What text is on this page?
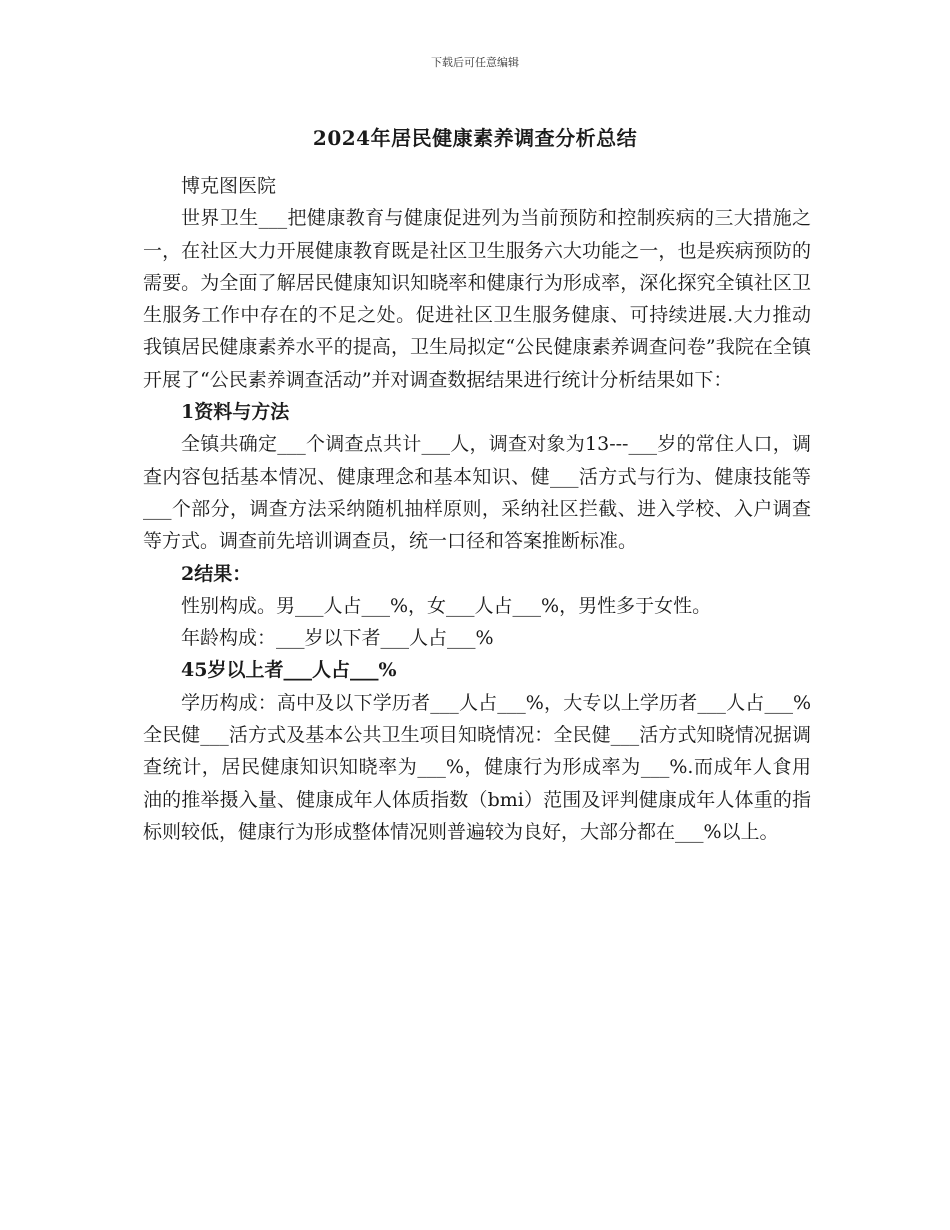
下载后可任意编辑
2024年居民健康素养调查分析总结

博克图医院

世界卫生___把健康教育与健康促进列为当前预防和控制疾病的三大措施之一，在社区大力开展健康教育既是社区卫生服务六大功能之一，也是疾病预防的需要。为全面了解居民健康知识知晓率和健康行为形成率，深化探究全镇社区卫生服务工作中存在的不足之处。促进社区卫生服务健康、可持续进展.大力推动我镇居民健康素养水平的提高，卫生局拟定“公民健康素养调查问卷”我院在全镇开展了“公民素养调查活动”并对调查数据结果进行统计分析结果如下：

1资料与方法

全镇共确定___个调查点共计___人，调查对象为13---___岁的常住人口，调查内容包括基本情况、健康理念和基本知识、健___活方式与行为、健康技能等___个部分，调查方法采纳随机抽样原则，采纳社区拦截、进入学校、入户调查等方式。调查前先培训调查员，统一口径和答案推断标准。

2结果：

性别构成。男___人占___%，女___人占___%，男性多于女性。

年龄构成：___岁以下者___人占___%

45岁以上者___人占___%

学历构成：高中及以下学历者___人占___%，大专以上学历者___人占___%全民健___活方式及基本公共卫生项目知晓情况：全民健___活方式知晓情况据调查统计，居民健康知识知晓率为___%，健康行为形成率为___%.而成年人食用油的推举摄入量、健康成年人体质指数（bmi）范围及评判健康成年人体重的指标则较低，健康行为形成整体情况则普遍较为良好，大部分都在___%以上。
